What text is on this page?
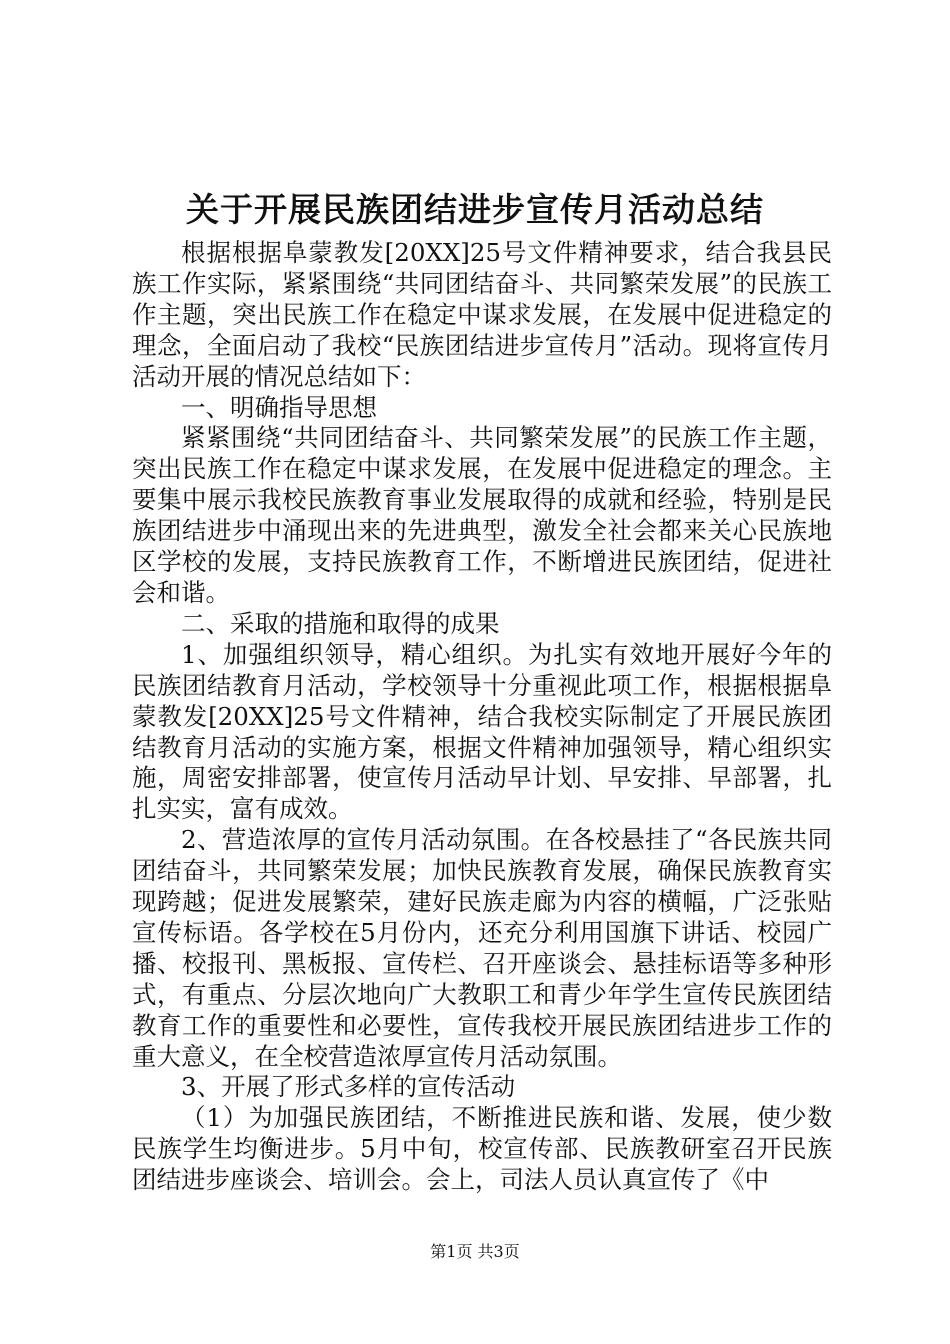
关于开展民族团结进步宣传月活动总结

根据根据阜蒙教发[20XX]25号文件精神要求，结合我县民族工作实际，紧紧围绕“共同团结奋斗、共同繁荣发展”的民族工作主题，突出民族工作在稳定中谋求发展，在发展中促进稳定的理念，全面启动了我校“民族团结进步宣传月”活动。现将宣传月活动开展的情况总结如下：

一、明确指导思想

紧紧围绕“共同团结奋斗、共同繁荣发展”的民族工作主题，突出民族工作在稳定中谋求发展，在发展中促进稳定的理念。主要集中展示我校民族教育事业发展取得的成就和经验，特别是民族团结进步中涌现出来的先进典型，激发全社会都来关心民族地区学校的发展，支持民族教育工作，不断增进民族团结，促进社会和谐。

二、采取的措施和取得的成果

1、加强组织领导，精心组织。为扎实有效地开展好今年的民族团结教育月活动，学校领导十分重视此项工作，根据根据阜蒙教发[20XX]25号文件精神，结合我校实际制定了开展民族团结教育月活动的实施方案，根据文件精神加强领导，精心组织实施，周密安排部署，使宣传月活动早计划、早安排、早部署，扎扎实实，富有成效。

2、营造浓厚的宣传月活动氛围。在各校悬挂了“各民族共同团结奋斗，共同繁荣发展；加快民族教育发展，确保民族教育实现跨越；促进发展繁荣，建好民族走廊为内容的横幅，广泛张贴宣传标语。各学校在5月份内，还充分利用国旗下讲话、校园广播、校报刊、黑板报、宣传栏、召开座谈会、悬挂标语等多种形式，有重点、分层次地向广大教职工和青少年学生宣传民族团结教育工作的重要性和必要性，宣传我校开展民族团结进步工作的重大意义，在全校营造浓厚宣传月活动氛围。

3、开展了形式多样的宣传活动

（1）为加强民族团结，不断推进民族和谐、发展，使少数民族学生均衡进步。5月中旬，校宣传部、民族教研室召开民族团结进步座谈会、培训会。会上，司法人员认真宣传了《中

第1页 共3页
